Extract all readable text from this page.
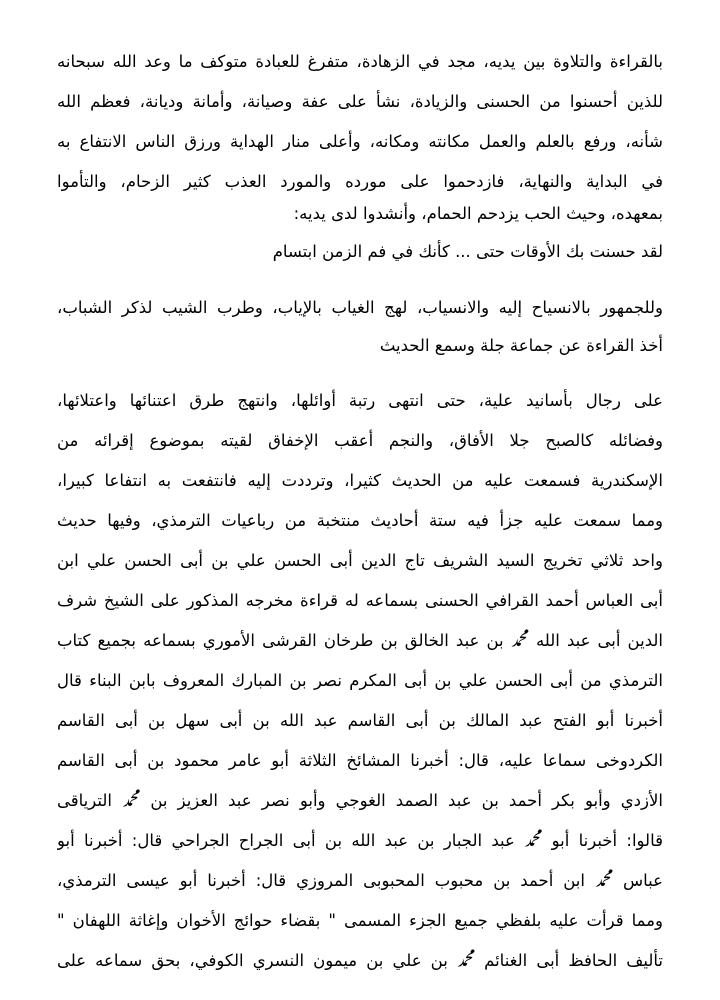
بالقراءة والتلاوة بين يديه، مجد في الزهادة، متفرغ للعبادة متوكف ما وعد الله سبحانه
للذين أحسنوا من الحسنى والزيادة، نشأ على عفة وصيانة، وأمانة وديانة، فعظم الله
شأنه، ورفع بالعلم والعمل مكانته ومكانه، وأعلى منار الهداية ورزق الناس الانتفاع به
في البداية والنهاية، فازدحموا على مورده والمورد العذب كثير الزحام، والتأموا
بمعهده، وحيث الحب يزدحم الحمام، وأنشدوا لدى يديه:
لقد حسنت بك الأوقات حتى ... كأنك في فم الزمن ابتسام
وللجمهور بالانسياح إليه والانسياب، لهج الغياب بالإياب، وطرب الشيب لذكر الشباب،
أخذ القراءة عن جماعة جلة وسمع الحديث
على رجال بأسانيد علية، حتى انتهى رتبة أوائلها، وانتهج طرق اعتنائها واعتلائها،
وفضائله كالصبح جلا الأفاق، والنجم أعقب الإخفاق لقيته بموضوع إقرائه من
الإسكندرية فسمعت عليه من الحديث كثيرا، وترددت إليه فانتفعت به انتفاعا كبيرا،
ومما سمعت عليه جزأ فيه ستة أحاديث منتخبة من رباعيات الترمذي، وفيها حديث
واحد ثلاثي تخريج السيد الشريف تاج الدين أبى الحسن علي بن أبى الحسن علي ابن
أبى العباس أحمد القرافي الحسنى بسماعه له قراءة مخرجه المذكور على الشيخ شرف
الدين أبى عبد الله ﷴ بن عبد الخالق بن طرخان القرشى الأموري بسماعه بجميع كتاب
الترمذي من أبى الحسن علي بن أبى المكرم نصر بن المبارك المعروف بابن البناء قال
أخبرنا أبو الفتح عبد المالك بن أبى القاسم عبد الله بن أبى سهل بن أبى القاسم
الكردوخى سماعا عليه، قال: أخبرنا المشائخ الثلاثة أبو عامر محمود بن أبى القاسم
الأزدي وأبو بكر أحمد بن عبد الصمد الغوجي وأبو نصر عبد العزيز بن ﷴ الترياقى
قالوا: أخبرنا أبو ﷴ عبد الجبار بن عبد الله بن أبى الجراح الجراحي قال: أخبرنا أبو
عباس ﷴ ابن أحمد بن محبوب المحبوبى المروزي قال: أخبرنا أبو عيسى الترمذي،
ومما قرأت عليه بلفظي جميع الجزء المسمى " بقضاء حوائج الأخوان وإغاثة اللهفان "
تأليف الحافظ أبى الغنائم ﷴ بن علي بن ميمون النسري الكوفي، بحق سماعه على
